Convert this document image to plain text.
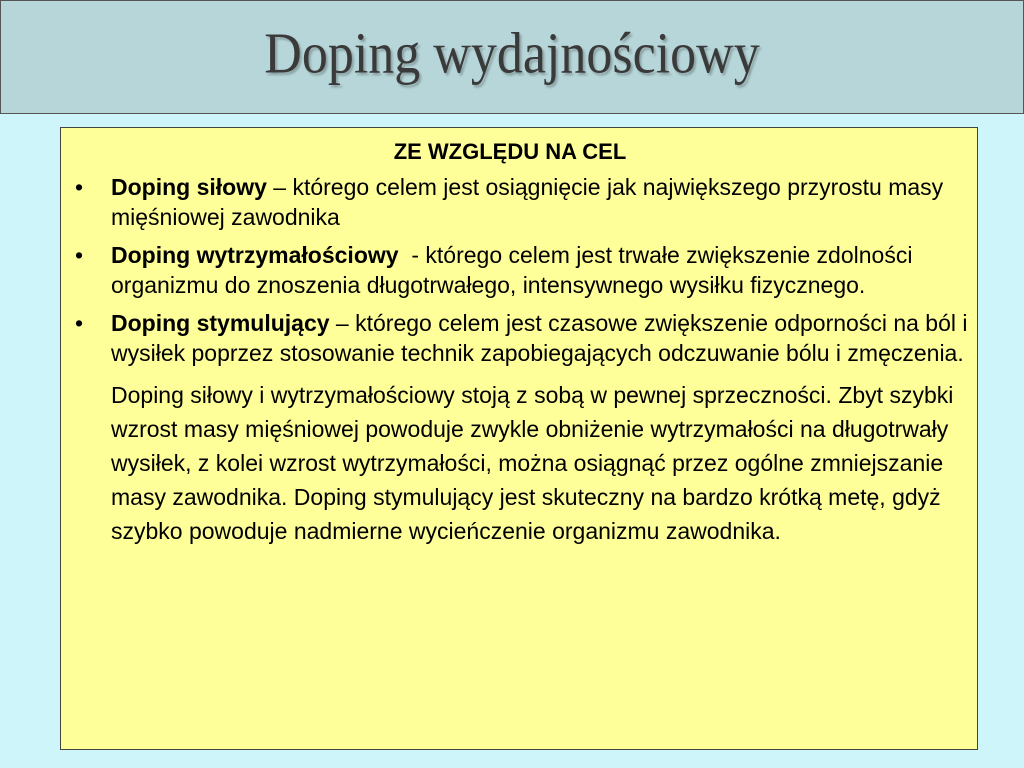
Doping wydajnościowy
ZE WZGLĘDU NA CEL
• Doping siłowy – którego celem jest osiągnięcie jak największego przyrostu masy mięśniowej zawodnika
• Doping wytrzymałościowy  - którego celem jest trwałe zwiększenie zdolności organizmu do znoszenia długotrwałego, intensywnego wysiłku fizycznego.
• Doping stymulujący – którego celem jest czasowe zwiększenie odporności na ból i wysiłek poprzez stosowanie technik zapobiegających odczuwanie bólu i zmęczenia.
Doping siłowy i wytrzymałościowy stoją z sobą w pewnej sprzeczności. Zbyt szybki wzrost masy mięśniowej powoduje zwykle obniżenie wytrzymałości na długotrwały wysiłek, z kolei wzrost wytrzymałości, można osiągnąć przez ogólne zmniejszanie masy zawodnika. Doping stymulujący jest skuteczny na bardzo krótką metę, gdyż szybko powoduje nadmierne wycieńczenie organizmu zawodnika.
